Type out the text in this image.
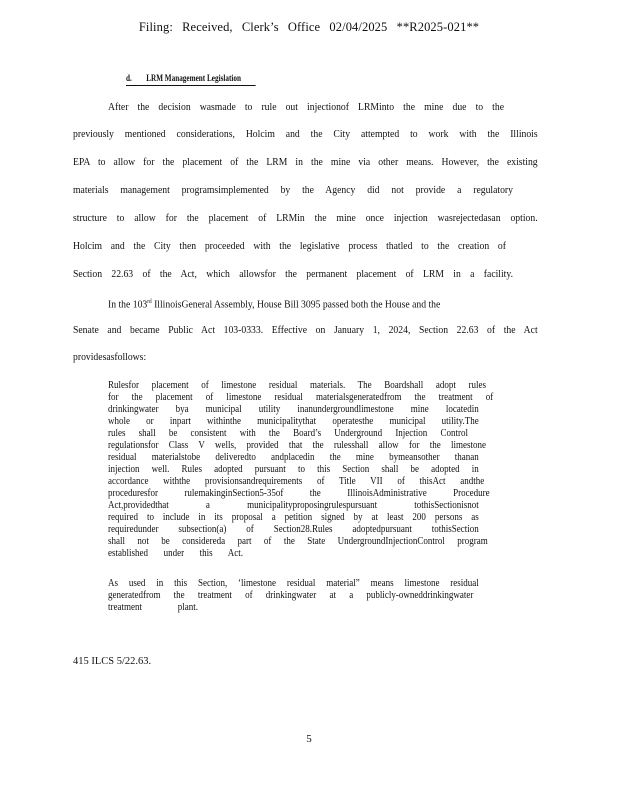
Filing: Received, Clerk’s Office 02/04/2025 **R2025-021**
d. LRM Management Legislation
After the decision wasmade to rule out injectionof LRMinto the mine due to the
previously mentioned considerations, Holcim and the City attempted to work with the Illinois
EPA to allow for the placement of the LRM in the mine via other means. However, the existing
materials management programsimplemented by the Agency did not provide a regulatory
structure to allow for the placement of LRMin the mine once injection wasrejectedasan option.
Holcim and the City then proceeded with the legislative process thatled to the creation of
Section 22.63 of the Act, which allowsfor the permanent placement of LRM in a facility.
In the 103rd IllinoisGeneral Assembly, House Bill 3095 passed both the House and the
Senate and became Public Act 103-0333. Effective on January 1, 2024, Section 22.63 of the Act
providesasfollows:
Rulesfor placement of limestone residual materials. The Boardshall adopt rules
for the placement of limestone residual materialsgeneratedfrom the treatment of
drinkingwater bya municipal utility inanundergroundlimestone mine locatedin
whole or inpart withinthe municipalitythat operatesthe municipal utility.The
rules shall be consistent with the Board’s Underground Injection Control
regulationsfor Class V wells, provided that the rulesshall allow for the limestone
residual materialstobe deliveredto andplacedin the mine bymeansother thanan
injection well. Rules adopted pursuant to this Section shall be adopted in
accordance withthe provisionsandrequirements of Title VII of thisAct andthe
proceduresfor rulemakinginSection5-35of the IllinoisAdministrative Procedure
Act,providedthat a municipalityproposingrulespursuant tothisSectionisnot
required to include in its proposal a petition signed by at least 200 persons as
requiredunder subsection(a) of Section28.Rules adoptedpursuant tothisSection
shall not be considereda part of the State UndergroundInjectionControl program
established under this Act.
As used in this Section, ‘limestone residual material” means limestone residual
generatedfrom the treatment of drinkingwater at a publicly-owneddrinkingwater
treatment plant.
415 ILCS 5/22.63.
5
